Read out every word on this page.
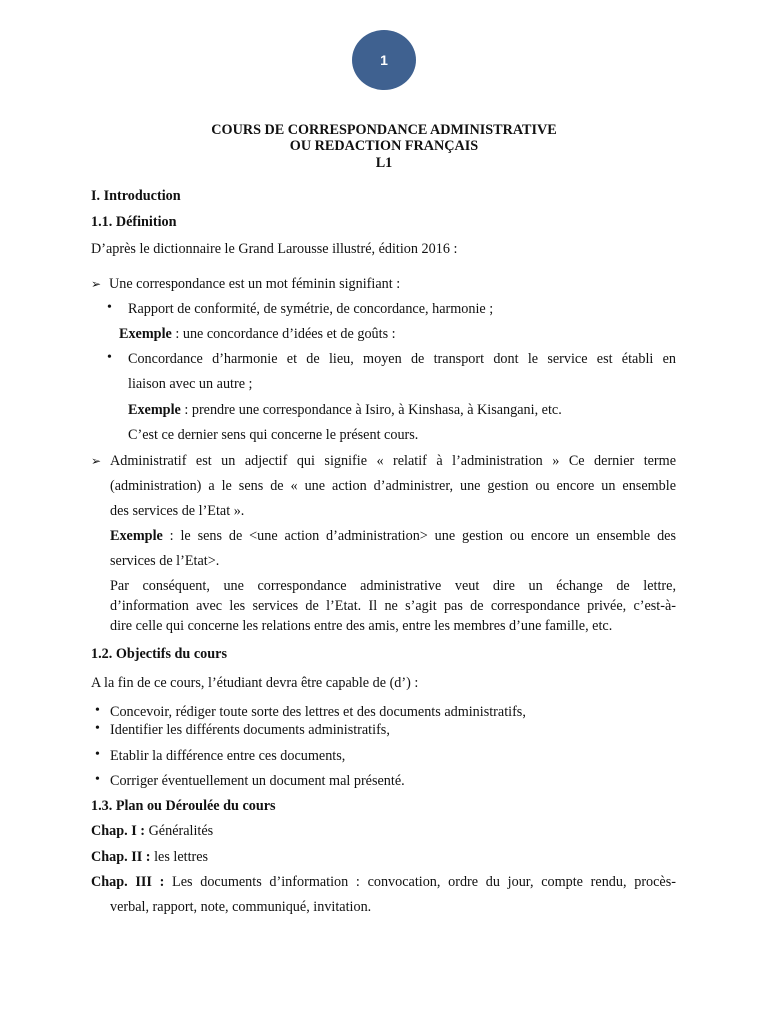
1
COURS DE CORRESPONDANCE ADMINISTRATIVE
OU REDACTION FRANÇAIS
L1
I. Introduction
1.1. Définition
D’après le dictionnaire le Grand Larousse illustré, édition 2016 :
➢ Une correspondance est un mot féminin signifiant :
• Rapport de conformité, de symétrie, de concordance, harmonie ;
Exemple : une concordance d’idées et de goûts :
• Concordance d’harmonie et de lieu, moyen de transport dont le service est établi en
liaison avec un autre ;
Exemple : prendre une correspondance à Isiro, à Kinshasa, à Kisangani, etc.
C’est ce dernier sens qui concerne le présent cours.
➢ Administratif est un adjectif qui signifie « relatif à l’administration » Ce dernier terme
(administration) a le sens de « une action d’administrer, une gestion ou encore un ensemble
des services de l’Etat ».
Exemple : le sens de <une action d’administration> une gestion ou encore un ensemble des
services de l’Etat>.
Par conséquent, une correspondance administrative veut dire un échange de lettre,
d’information avec les services de l’Etat. Il ne s’agit pas de correspondance privée, c’est-à-
dire celle qui concerne les relations entre des amis, entre les membres d’une famille, etc.
1.2. Objectifs du cours
A la fin de ce cours, l’étudiant devra être capable de (d’) :
• Concevoir, rédiger toute sorte des lettres et des documents administratifs,
• Identifier les différents documents administratifs,
• Etablir la différence entre ces documents,
• Corriger éventuellement un document mal présenté.
1.3. Plan ou Déroulée du cours
Chap. I : Généralités
Chap. II : les lettres
Chap. III : Les documents d’information : convocation, ordre du jour, compte rendu, procès-
verbal, rapport, note, communiqué, invitation.
